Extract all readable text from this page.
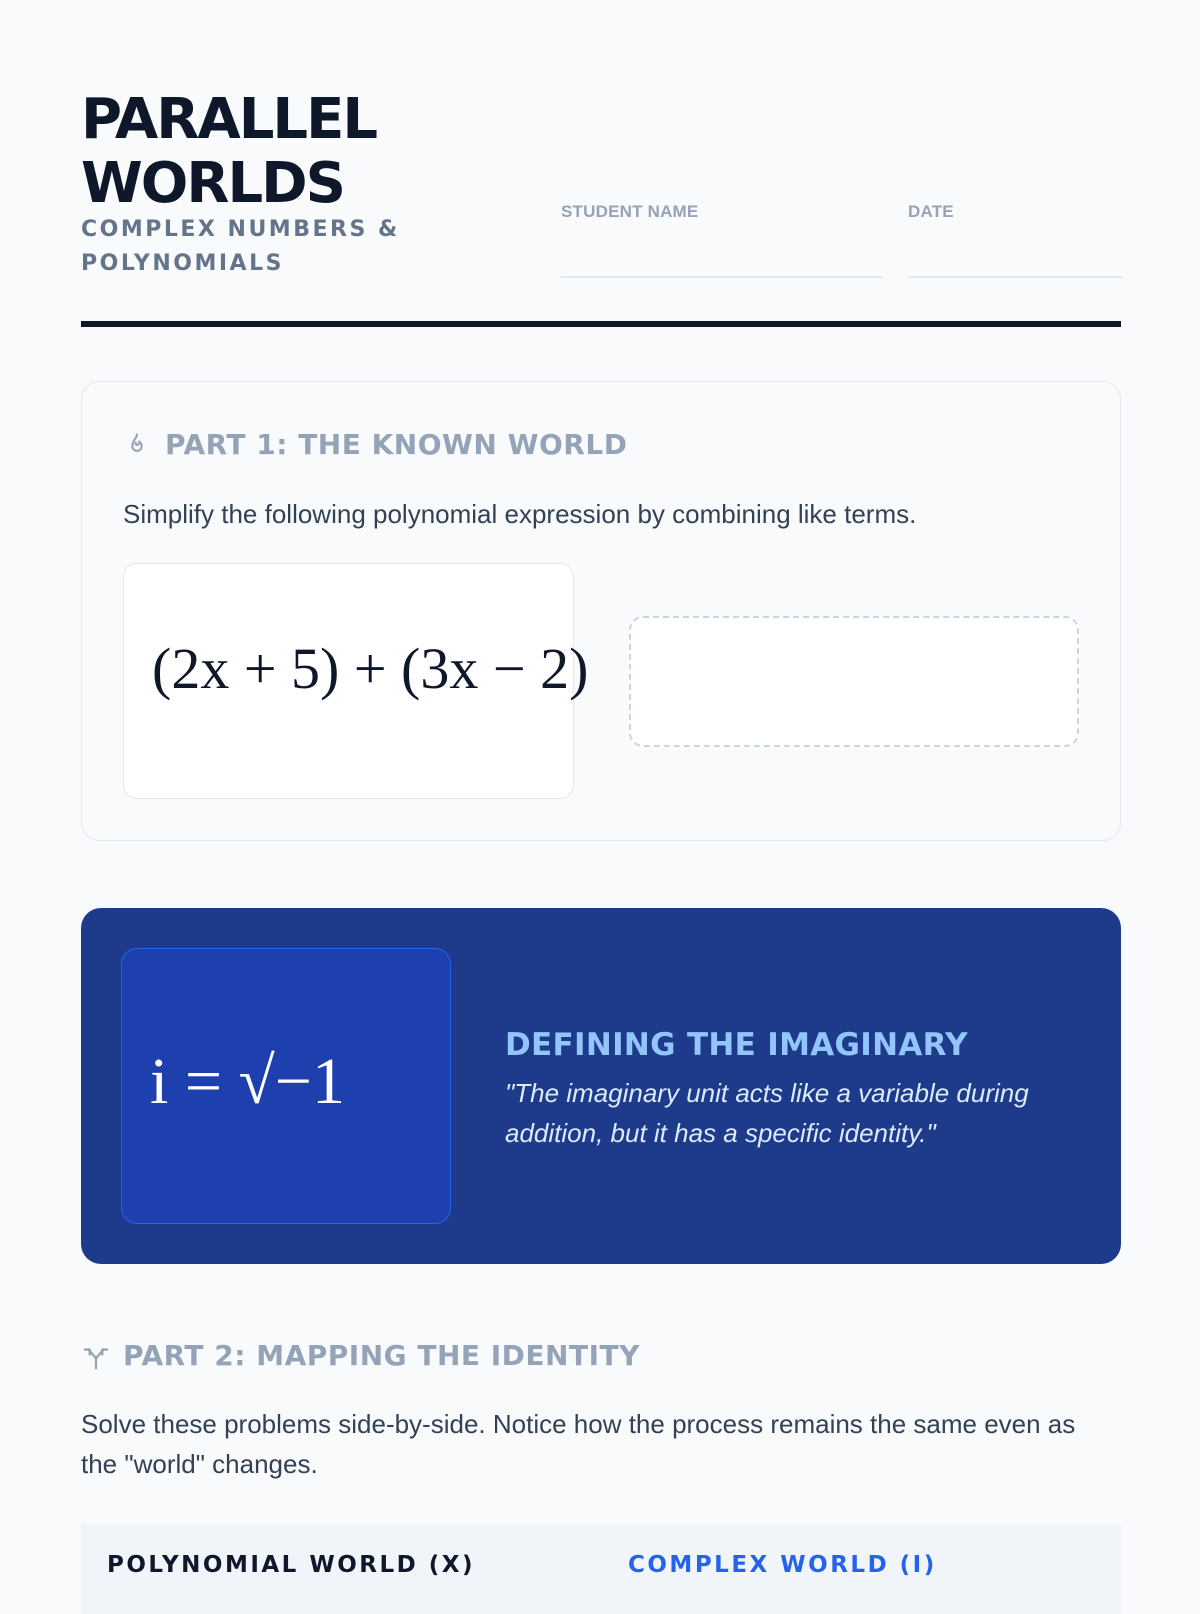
PARALLEL
WORLDS

COMPLEX NUMBERS & POLYNOMIALS

STUDENT NAME	DATE
PART 1: THE KNOWN WORLD

Simplify the following polynomial expression by combining like terms.

(2x + 5) + (3x − 2)
i = √−1	DEFINING THE IMAGINARY

"The imaginary unit acts like a variable during addition, but it has a specific identity."

PART 2: MAPPING THE IDENTITY

Solve these problems side-by-side. Notice how the process remains the same even as the "world" changes.

POLYNOMIAL WORLD (X)	COMPLEX WORLD (I)
